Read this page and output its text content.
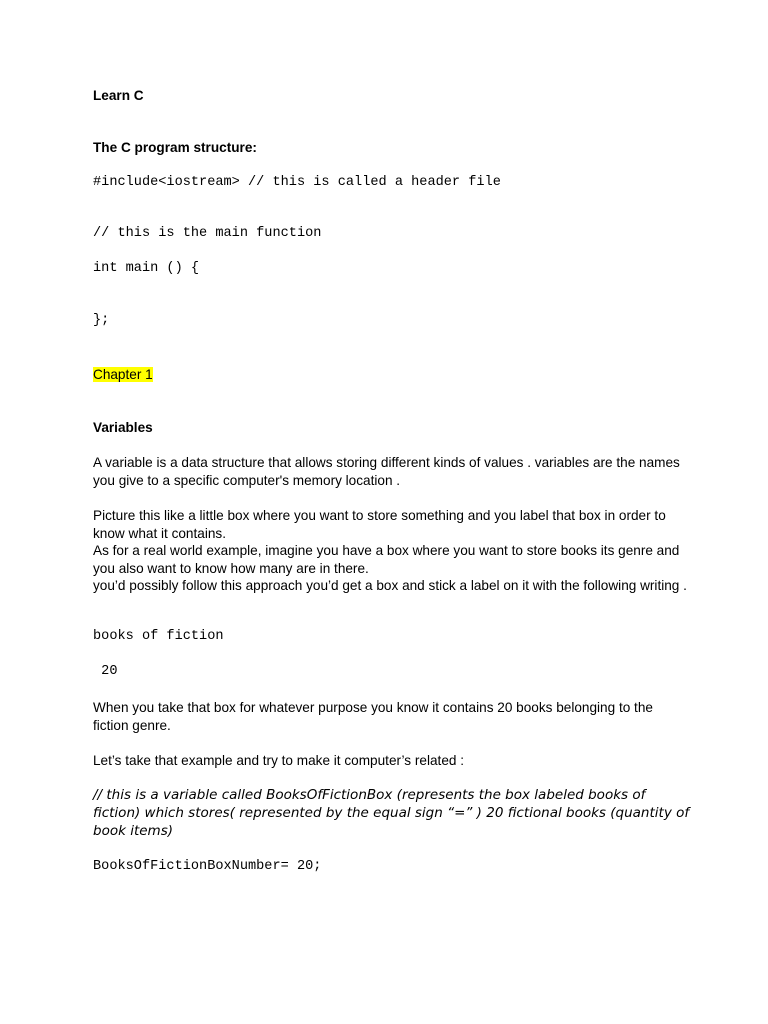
Learn C

The C program structure:

#include<iostream> // this is called a header file

// this is the main function

int main () {

};

Chapter 1

Variables

A variable is a data structure that allows storing different kinds of values . variables are the names you give to a specific computer's memory location .

Picture this like a little box where you want to store something and you label that box in order to know what it contains.

As for a real world example, imagine you have a box where you want to store books its genre and you also want to know how many are in there.

you’d possibly follow this approach you’d get a box and stick a label on it with the following writing .

books of fiction

20

When you take that box for whatever purpose you know it contains 20 books belonging to the fiction genre.

Let’s take that example and try to make it computer’s related :

// this is a variable called BooksOfFictionBox (represents the box labeled books of fiction) which stores( represented by the equal sign “=” ) 20 fictional books (quantity of book items)

BooksOfFictionBoxNumber= 20;
